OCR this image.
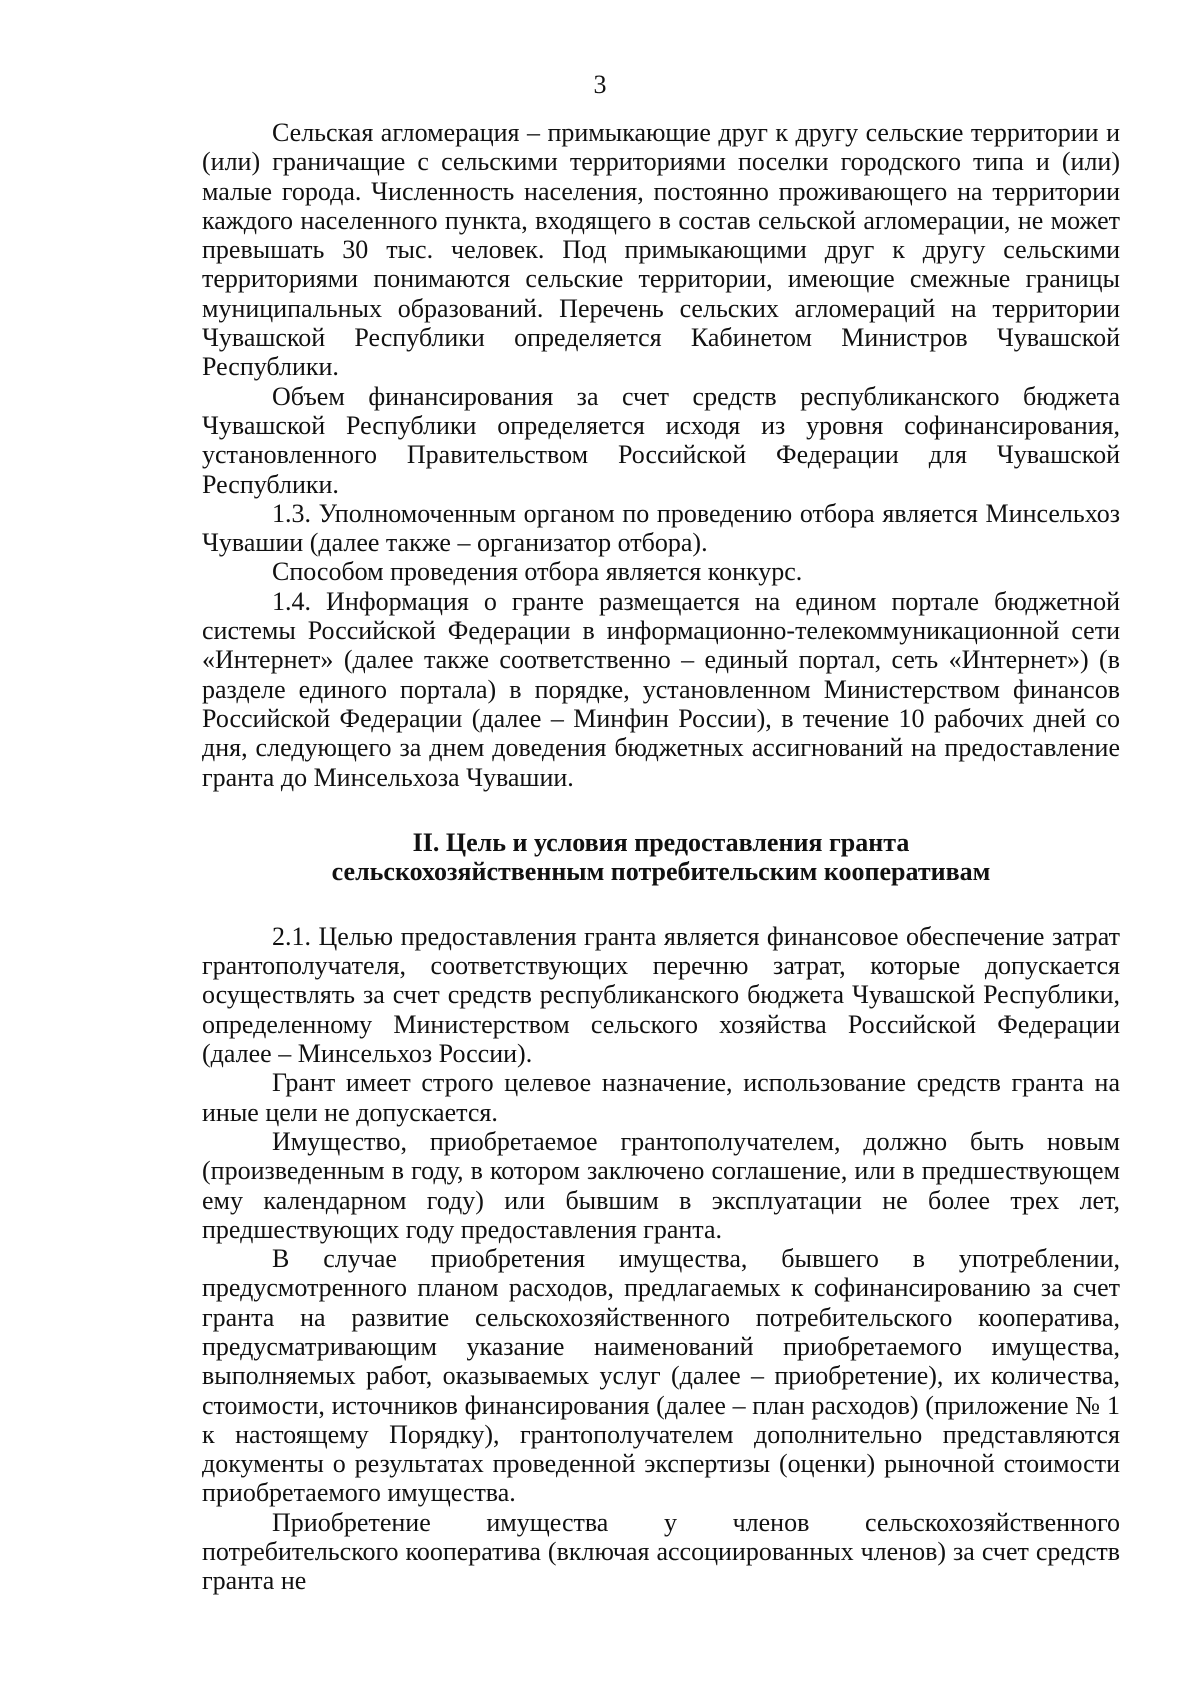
3

Сельская агломерация – примыкающие друг к другу сельские территории и (или) граничащие с сельскими территориями поселки городского типа и (или) малые города. Численность населения, постоянно проживающего на территории каждого населенного пункта, входящего в состав сельской агломерации, не может превышать 30 тыс. человек. Под примыкающими друг к другу сельскими территориями понимаются сельские территории, имеющие смежные границы муниципальных образований. Перечень сельских агломераций на территории Чувашской Республики определяется Кабинетом Министров Чувашской Республики.

Объем финансирования за счет средств республиканского бюджета Чувашской Республики определяется исходя из уровня софинансирования, установленного Правительством Российской Федерации для Чувашской Республики.

1.3. Уполномоченным органом по проведению отбора является Минсельхоз Чувашии (далее также – организатор отбора).

Способом проведения отбора является конкурс.

1.4. Информация о гранте размещается на едином портале бюджетной системы Российской Федерации в информационно-телекоммуникационной сети «Интернет» (далее также соответственно – единый портал, сеть «Интернет») (в разделе единого портала) в порядке, установленном Министерством финансов Российской Федерации (далее – Минфин России), в течение 10 рабочих дней со дня, следующего за днем доведения бюджетных ассигнований на предоставление гранта до Минсельхоза Чувашии.

II. Цель и условия предоставления гранта
сельскохозяйственным потребительским кооперативам

2.1. Целью предоставления гранта является финансовое обеспечение затрат грантополучателя, соответствующих перечню затрат, которые допускается осуществлять за счет средств республиканского бюджета Чувашской Республики, определенному Министерством сельского хозяйства Российской Федерации (далее – Минсельхоз России).

Грант имеет строго целевое назначение, использование средств гранта на иные цели не допускается.

Имущество, приобретаемое грантополучателем, должно быть новым (произведенным в году, в котором заключено соглашение, или в предшествующем ему календарном году) или бывшим в эксплуатации не более трех лет, предшествующих году предоставления гранта.

В случае приобретения имущества, бывшего в употреблении, предусмотренного планом расходов, предлагаемых к софинансированию за счет гранта на развитие сельскохозяйственного потребительского кооператива, предусматривающим указание наименований приобретаемого имущества, выполняемых работ, оказываемых услуг (далее – приобретение), их количества, стоимости, источников финансирования (далее – план расходов) (приложение № 1 к настоящему Порядку), грантополучателем дополнительно представляются документы о результатах проведенной экспертизы (оценки) рыночной стоимости приобретаемого имущества.

Приобретение имущества у членов сельскохозяйственного потребительского кооператива (включая ассоциированных членов) за счет средств гранта не
